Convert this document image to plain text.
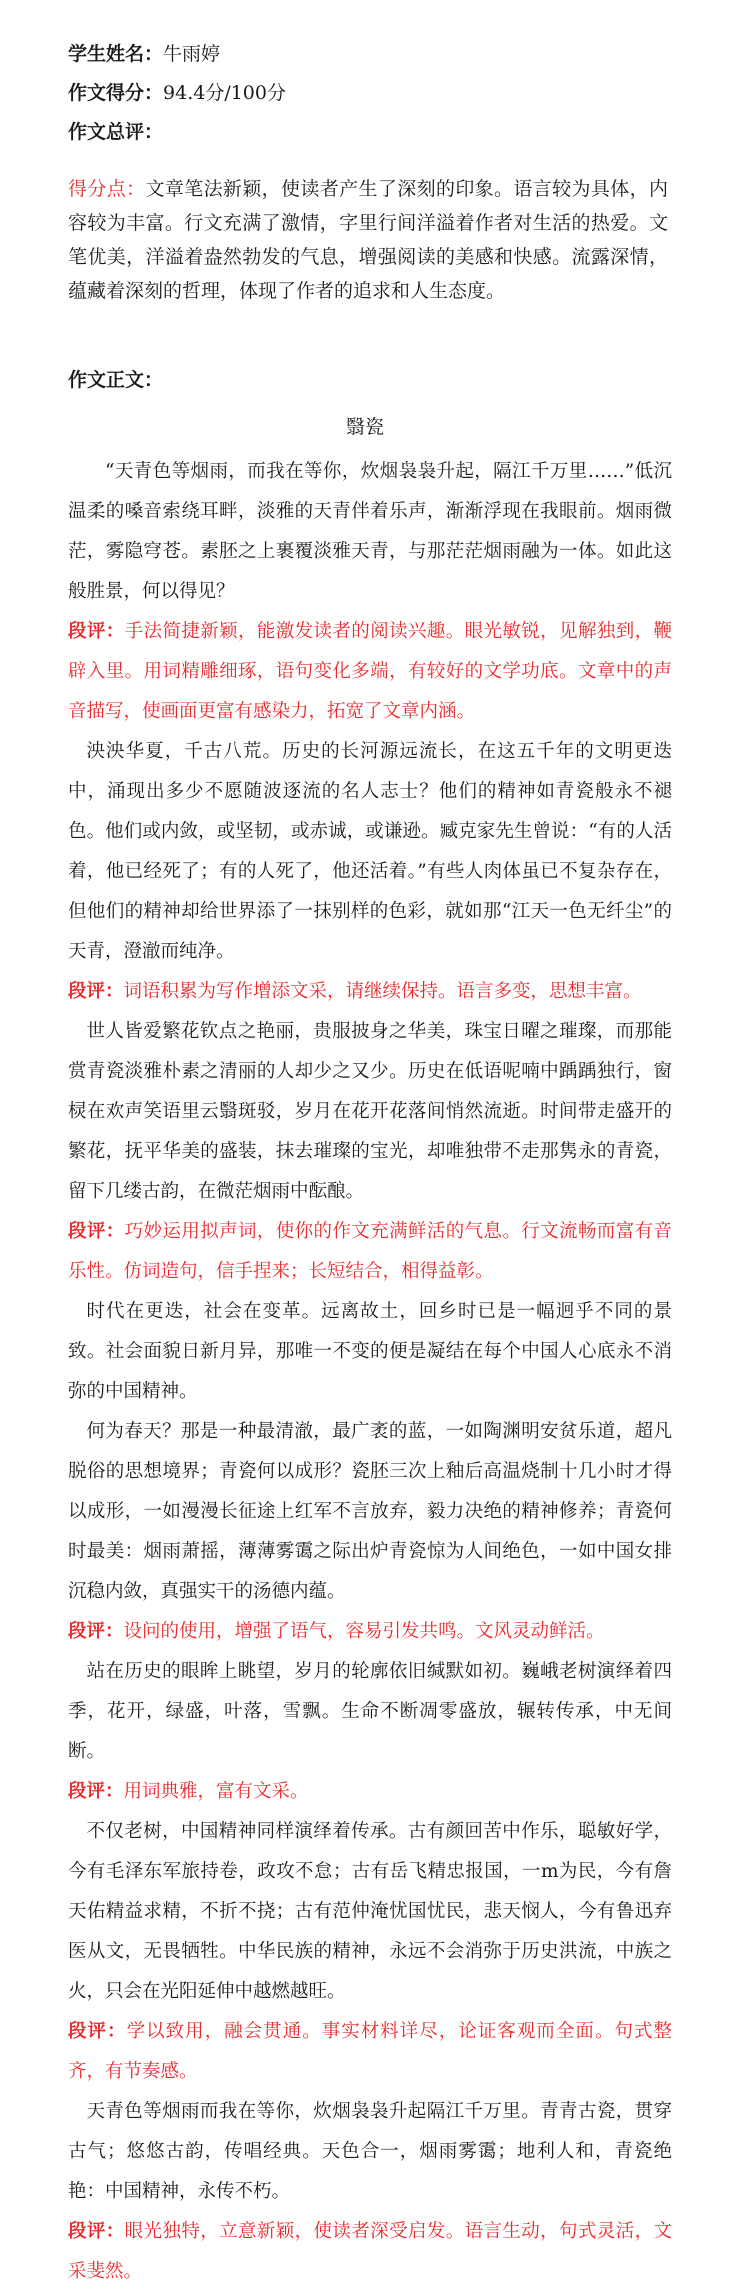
学生姓名：牛雨婷
作文得分：94.4分/100分
作文总评：
得分点：文章笔法新颖，使读者产生了深刻的印象。语言较为具体，内容较为丰富。行文充满了激情，字里行间洋溢着作者对生活的热爱。文笔优美，洋溢着盎然勃发的气息，增强阅读的美感和快感。流露深情，蕴藏着深刻的哲理，体现了作者的追求和人生态度。
作文正文：
翳瓷

“天青色等烟雨，而我在等你，炊烟袅袅升起，隔江千万里……”低沉温柔的嗓音索绕耳畔，淡雅的天青伴着乐声，渐渐浮现在我眼前。烟雨微茫，雾隐穹苍。素胚之上裹覆淡雅天青，与那茫茫烟雨融为一体。如此这般胜景，何以得见？

段评：手法简捷新颖，能激发读者的阅读兴趣。眼光敏锐，见解独到，鞭辟入里。用词精雕细琢，语句变化多端，有较好的文学功底。文章中的声音描写，使画面更富有感染力，拓宽了文章内涵。

泱泱华夏，千古八荒。历史的长河源远流长，在这五千年的文明更迭中，涌现出多少不愿随波逐流的名人志士？他们的精神如青瓷般永不褪色。他们或内敛，或坚韧，或赤诚，或谦逊。臧克家先生曾说：“有的人活着，他已经死了；有的人死了，他还活着。”有些人肉体虽已不复杂存在，但他们的精神却给世界添了一抹别样的色彩，就如那“江天一色无纤尘”的天青，澄澈而纯净。

段评：词语积累为写作增添文采，请继续保持。语言多变，思想丰富。

世人皆爱繁花钦点之艳丽，贵服披身之华美，珠宝日曜之璀璨，而那能赏青瓷淡雅朴素之清丽的人却少之又少。历史在低语呢喃中踽踽独行，窗棂在欢声笑语里云翳斑驳，岁月在花开花落间悄然流逝。时间带走盛开的繁花，抚平华美的盛装，抹去璀璨的宝光，却唯独带不走那隽永的青瓷，留下几缕古韵，在微茫烟雨中酝酿。

段评：巧妙运用拟声词，使你的作文充满鲜活的气息。行文流畅而富有音乐性。仿词造句，信手捏来；长短结合，相得益彰。

时代在更迭，社会在变革。远离故土，回乡时已是一幅迥乎不同的景致。社会面貌日新月异，那唯一不变的便是凝结在每个中国人心底永不消弥的中国精神。

何为春天？那是一种最清澈，最广袤的蓝，一如陶渊明安贫乐道，超凡脱俗的思想境界；青瓷何以成形？瓷胚三次上釉后高温烧制十几小时才得以成形，一如漫漫长征途上红军不言放弃，毅力决绝的精神修养；青瓷何时最美：烟雨萧摇，薄薄雾霭之际出炉青瓷惊为人间绝色，一如中国女排沉稳内敛，真强实干的汤德内蕴。

段评：设问的使用，增强了语气，容易引发共鸣。文风灵动鲜活。

站在历史的眼眸上眺望，岁月的轮廓依旧缄默如初。巍峨老树演绎着四季，花开，绿盛，叶落，雪飘。生命不断凋零盛放，辗转传承，中无间断。

段评：用词典雅，富有文采。

不仅老树，中国精神同样演绎着传承。古有颜回苦中作乐，聪敏好学，今有毛泽东军旅持卷，政攻不怠；古有岳飞精忠报国，一m为民，今有詹天佑精益求精，不折不挠；古有范仲淹忧国忧民，悲天悯人，今有鲁迅弃医从文，无畏牺牲。中华民族的精神，永远不会消弥于历史洪流，中族之火，只会在光阳延伸中越燃越旺。

段评：学以致用，融会贯通。事实材料详尽，论证客观而全面。句式整齐，有节奏感。

天青色等烟雨而我在等你，炊烟袅袅升起隔江千万里。青青古瓷，贯穿古气；悠悠古韵，传唱经典。天色合一，烟雨雾霭；地利人和，青瓷绝艳：中国精神，永传不朽。

段评：眼光独特，立意新颖，使读者深受启发。语言生动，句式灵活，文采斐然。
